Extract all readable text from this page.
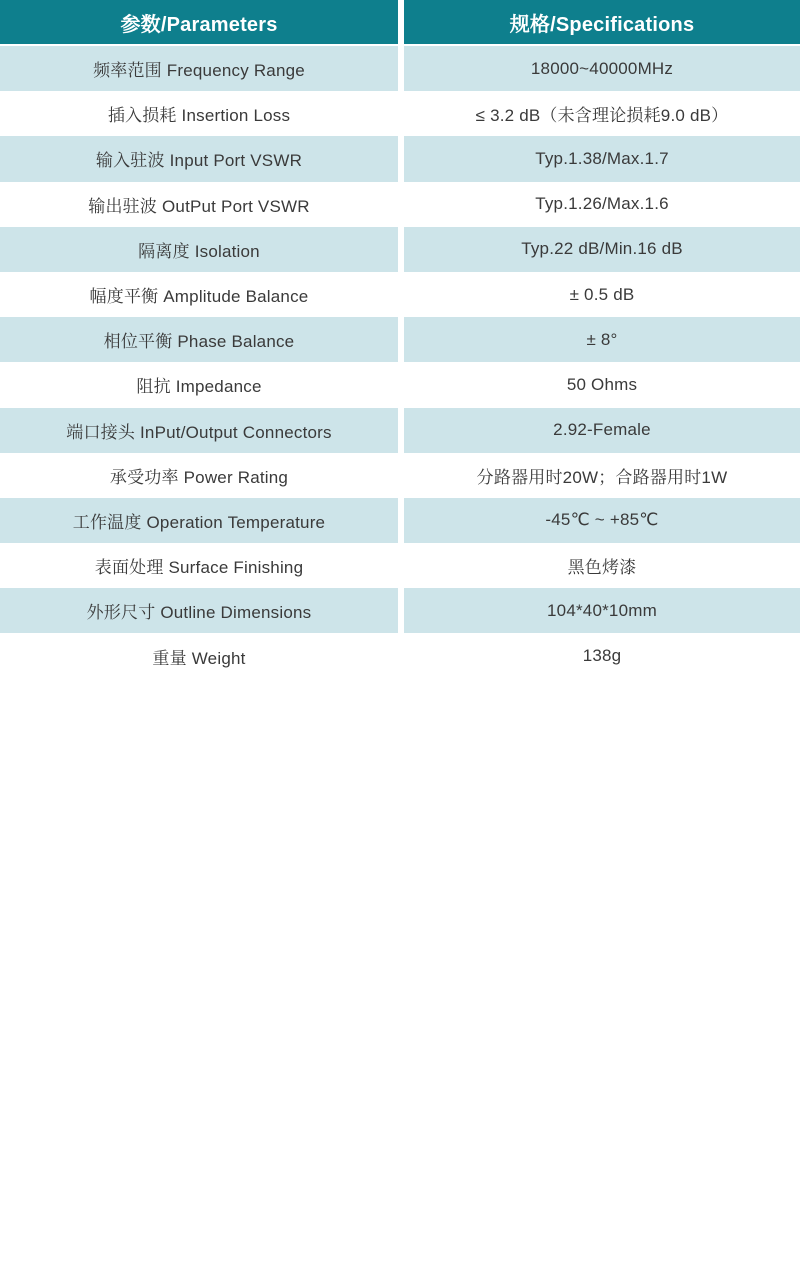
参数/Parameters	规格/Specifications
频率范围 Frequency Range	18000~40000MHz
插入损耗 Insertion Loss	≤ 3.2 dB（未含理论损耗9.0 dB）
输入驻波 Input Port VSWR	Typ.1.38/Max.1.7
输出驻波 OutPut Port VSWR	Typ.1.26/Max.1.6
隔离度 Isolation	Typ.22 dB/Min.16 dB
幅度平衡 Amplitude Balance	± 0.5 dB
相位平衡 Phase Balance	± 8°
阻抗 Impedance	50 Ohms
端口接头 InPut/Output Connectors	2.92-Female
承受功率 Power Rating	分路器用时20W；合路器用时1W
工作温度 Operation Temperature	-45℃ ~ +85℃
表面处理 Surface Finishing	黑色烤漆
外形尺寸 Outline Dimensions	104*40*10mm
重量 Weight	138g
